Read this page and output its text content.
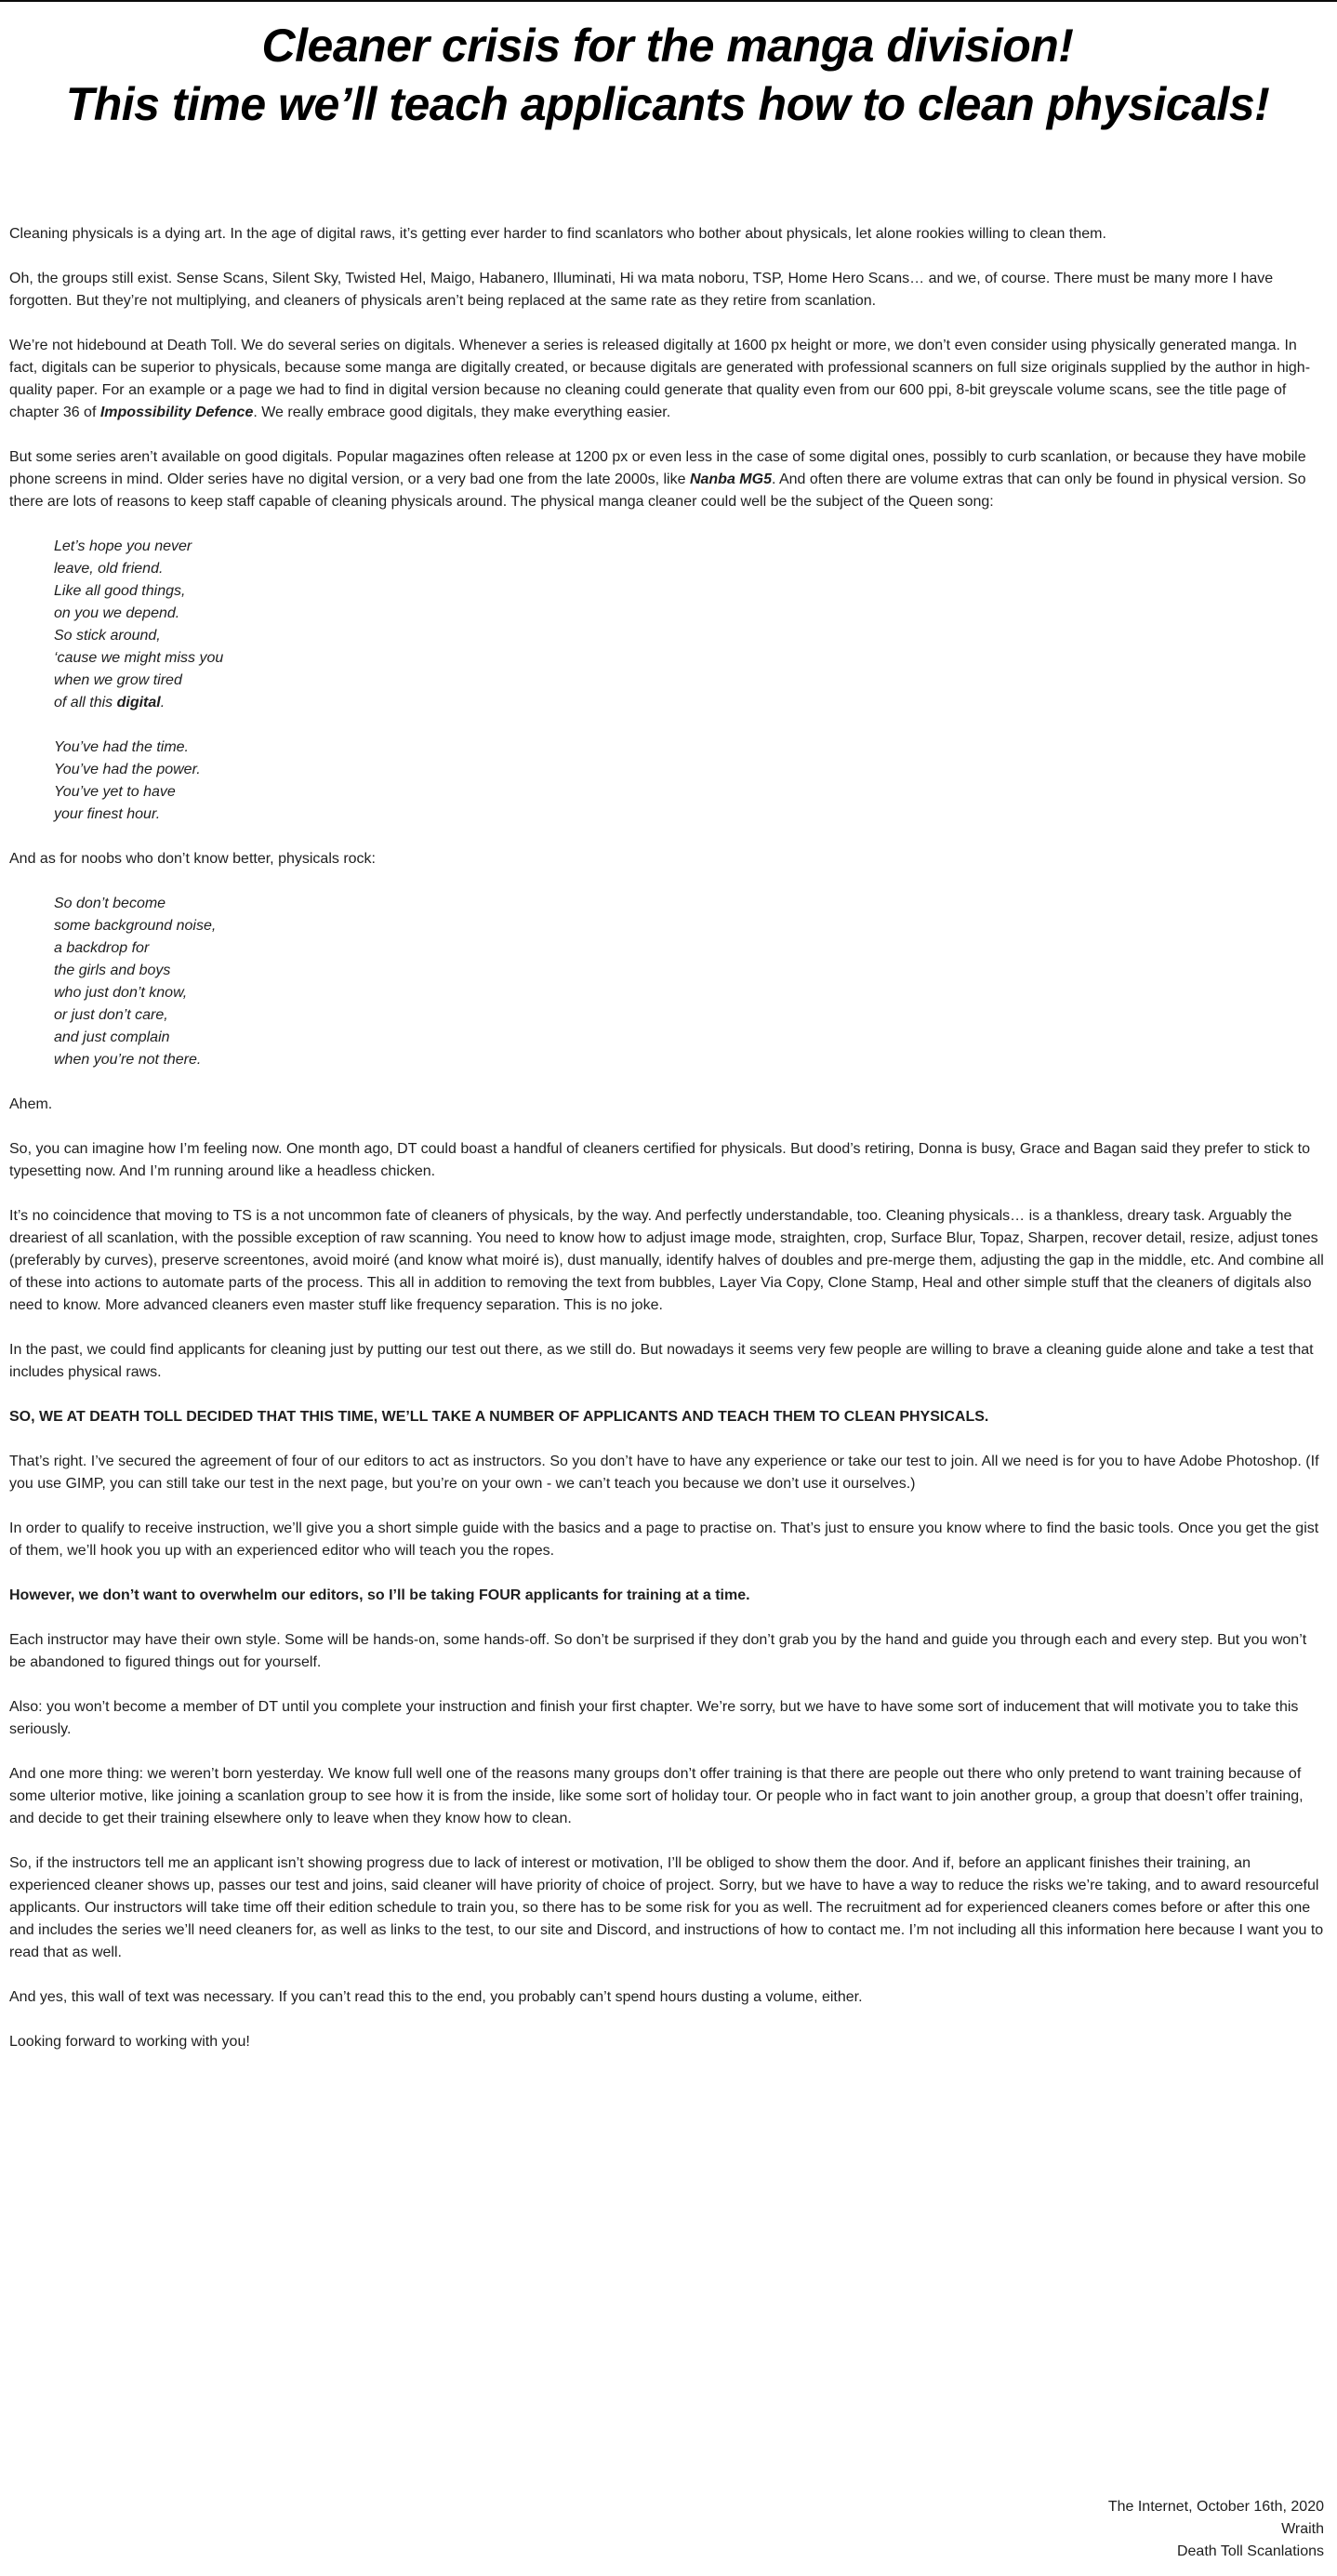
Cleaner crisis for the manga division!
This time we’ll teach applicants how to clean physicals!

Cleaning physicals is a dying art. In the age of digital raws, it’s getting ever harder to find scanlators who bother about physicals, let alone rookies willing to clean them.

Oh, the groups still exist. Sense Scans, Silent Sky, Twisted Hel, Maigo, Habanero, Illuminati, Hi wa mata noboru, TSP, Home Hero Scans… and we, of course. There must be many more I have forgotten. But they’re not multiplying, and cleaners of physicals aren’t being replaced at the same rate as they retire from scanlation.

We’re not hidebound at Death Toll. We do several series on digitals. Whenever a series is released digitally at 1600 px height or more, we don’t even consider using physically generated manga. In fact, digitals can be superior to physicals, because some manga are digitally created, or because digitals are generated with professional scanners on full size originals supplied by the author in high-quality paper. For an example or a page we had to find in digital version because no cleaning could generate that quality even from our 600 ppi, 8-bit greyscale volume scans, see the title page of chapter 36 of Impossibility Defence. We really embrace good digitals, they make everything easier.

But some series aren’t available on good digitals. Popular magazines often release at 1200 px or even less in the case of some digital ones, possibly to curb scanlation, or because they have mobile phone screens in mind. Older series have no digital version, or a very bad one from the late 2000s, like Nanba MG5. And often there are volume extras that can only be found in physical version. So there are lots of reasons to keep staff capable of cleaning physicals around. The physical manga cleaner could well be the subject of the Queen song:

Let’s hope you never
leave, old friend.
Like all good things,
on you we depend.
So stick around,
‘cause we might miss you
when we grow tired
of all this digital.
You’ve had the time.
You’ve had the power.
You’ve yet to have
your finest hour.

And as for noobs who don’t know better, physicals rock:

So don’t become
some background noise,
a backdrop for
the girls and boys
who just don’t know,
or just don’t care,
and just complain
when you’re not there.

Ahem.

So, you can imagine how I’m feeling now. One month ago, DT could boast a handful of cleaners certified for physicals. But dood’s retiring, Donna is busy, Grace and Bagan said they prefer to stick to typesetting now. And I’m running around like a headless chicken.

It’s no coincidence that moving to TS is a not uncommon fate of cleaners of physicals, by the way. And perfectly understandable, too. Cleaning physicals… is a thankless, dreary task. Arguably the dreariest of all scanlation, with the possible exception of raw scanning. You need to know how to adjust image mode, straighten, crop, Surface Blur, Topaz, Sharpen, recover detail, resize, adjust tones (preferably by curves), preserve screentones, avoid moiré (and know what moiré is), dust manually, identify halves of doubles and pre-merge them, adjusting the gap in the middle, etc. And combine all of these into actions to automate parts of the process. This all in addition to removing the text from bubbles, Layer Via Copy, Clone Stamp, Heal and other simple stuff that the cleaners of digitals also need to know. More advanced cleaners even master stuff like frequency separation. This is no joke.

In the past, we could find applicants for cleaning just by putting our test out there, as we still do. But nowadays it seems very few people are willing to brave a cleaning guide alone and take a test that includes physical raws.

SO, WE AT DEATH TOLL DECIDED THAT THIS TIME, WE’LL TAKE A NUMBER OF APPLICANTS AND TEACH THEM TO CLEAN PHYSICALS.

That’s right. I’ve secured the agreement of four of our editors to act as instructors. So you don’t have to have any experience or take our test to join. All we need is for you to have Adobe Photoshop. (If you use GIMP, you can still take our test in the next page, but you’re on your own - we can’t teach you because we don’t use it ourselves.)

In order to qualify to receive instruction, we’ll give you a short simple guide with the basics and a page to practise on. That’s just to ensure you know where to find the basic tools. Once you get the gist of them, we’ll hook you up with an experienced editor who will teach you the ropes.

However, we don’t want to overwhelm our editors, so I’ll be taking FOUR applicants for training at a time.

Each instructor may have their own style. Some will be hands-on, some hands-off. So don’t be surprised if they don’t grab you by the hand and guide you through each and every step. But you won’t be abandoned to figured things out for yourself.

Also: you won’t become a member of DT until you complete your instruction and finish your first chapter. We’re sorry, but we have to have some sort of inducement that will motivate you to take this seriously.

And one more thing: we weren’t born yesterday. We know full well one of the reasons many groups don’t offer training is that there are people out there who only pretend to want training because of some ulterior motive, like joining a scanlation group to see how it is from the inside, like some sort of holiday tour. Or people who in fact want to join another group, a group that doesn’t offer training, and decide to get their training elsewhere only to leave when they know how to clean.

So, if the instructors tell me an applicant isn’t showing progress due to lack of interest or motivation, I’ll be obliged to show them the door. And if, before an applicant finishes their training, an experienced cleaner shows up, passes our test and joins, said cleaner will have priority of choice of project. Sorry, but we have to have a way to reduce the risks we’re taking, and to award resourceful applicants. Our instructors will take time off their edition schedule to train you, so there has to be some risk for you as well. The recruitment ad for experienced cleaners comes before or after this one and includes the series we’ll need cleaners for, as well as links to the test, to our site and Discord, and instructions of how to contact me. I’m not including all this information here because I want you to read that as well.

And yes, this wall of text was necessary. If you can’t read this to the end, you probably can’t spend hours dusting a volume, either.

Looking forward to working with you!

The Internet, October 16th, 2020
Wraith
Death Toll Scanlations
